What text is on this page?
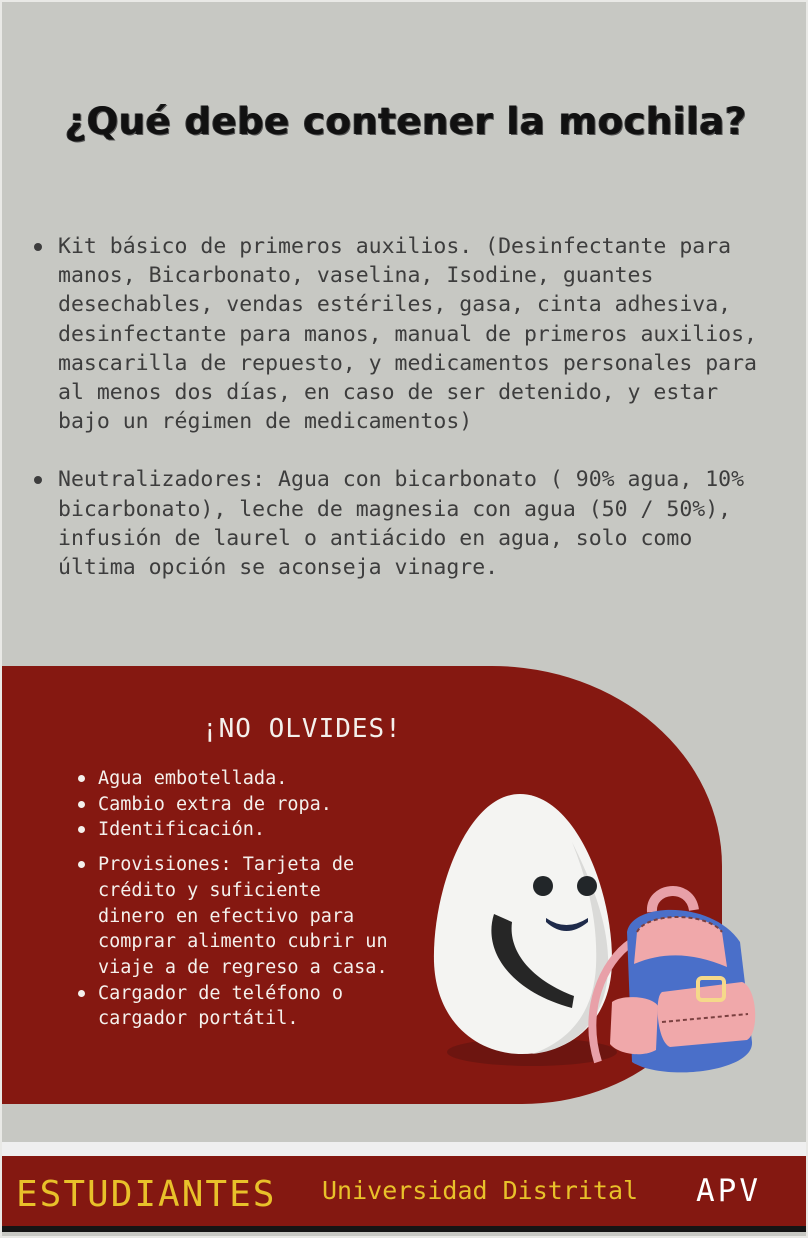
¿Qué debe contener la mochila?
Kit básico de primeros auxilios. (Desinfectante para manos, Bicarbonato, vaselina, Isodine, guantes desechables, vendas estériles, gasa, cinta adhesiva, desinfectante para manos, manual de primeros auxilios, mascarilla de repuesto, y medicamentos personales para al menos dos días, en caso de ser detenido, y estar bajo un régimen de medicamentos)
Neutralizadores: Agua con bicarbonato ( 90% agua, 10% bicarbonato), leche de magnesia con agua (50 / 50%), infusión de laurel o antiácido en agua, solo como última opción se aconseja vinagre.
¡NO OLVIDES!
Agua embotellada.
Cambio extra de ropa.
Identificación.
Provisiones: Tarjeta de crédito y suficiente dinero en efectivo para comprar alimento cubrir un viaje a de regreso a casa.
Cargador de teléfono o cargador portátil.
ESTUDIANTES Universidad Distrital APV
